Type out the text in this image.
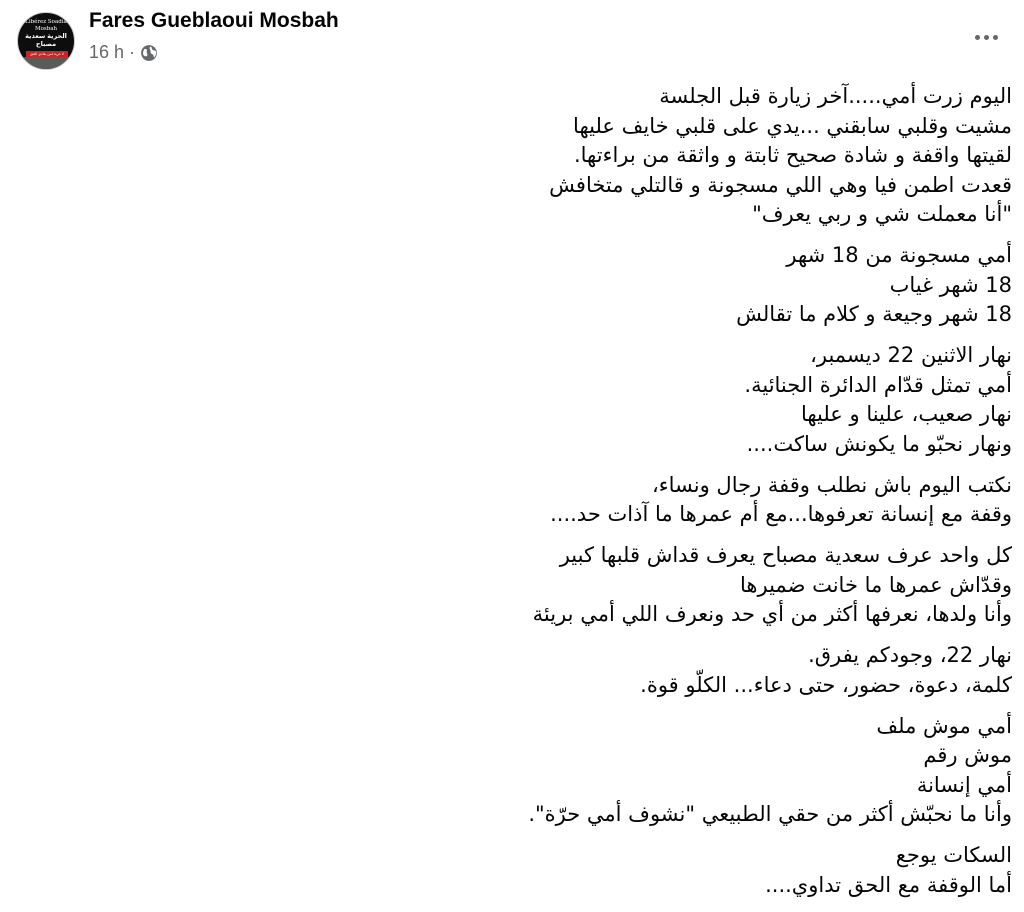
Libérez Soadia Mosbah
الحرية سعدية مصباح
لا حرية لمن يعادي الحق
Fares Gueblaoui Mosbah
16 h ·
اليوم زرت أمي.....آخر زيارة قبل الجلسة
مشيت وقلبي سابقني ...يدي على قلبي خايف عليها
لقيتها واقفة و شادة صحيح ثابتة و واثقة من براءتها.
قعدت اطمن فيا وهي اللي مسجونة و قالتلي متخافش
"أنا معملت شي و ربي يعرف"
أمي مسجونة من 18 شهر
18 شهر غياب
18 شهر وجيعة و كلام ما تقالش
نهار الاثنين 22 ديسمبر،
أمي تمثل قدّام الدائرة الجنائية.
نهار صعيب، علينا و عليها
ونهار نحبّو ما يكونش ساكت....
نكتب اليوم باش نطلب وقفة رجال ونساء،
وقفة مع إنسانة تعرفوها...مع أم عمرها ما آذات حد....
كل واحد عرف سعدية مصباح يعرف قداش قلبها كبير
وقدّاش عمرها ما خانت ضميرها
وأنا ولدها، نعرفها أكثر من أي حد ونعرف اللي أمي بريئة
نهار 22، وجودكم يفرق.
كلمة، دعوة، حضور، حتى دعاء... الكلّو قوة.
أمي موش ملف
موش رقم
أمي إنسانة
وأنا ما نحبّش أكثر من حقي الطبيعي "نشوف أمي حرّة".
السكات يوجع
أما الوقفة مع الحق تداوي....
